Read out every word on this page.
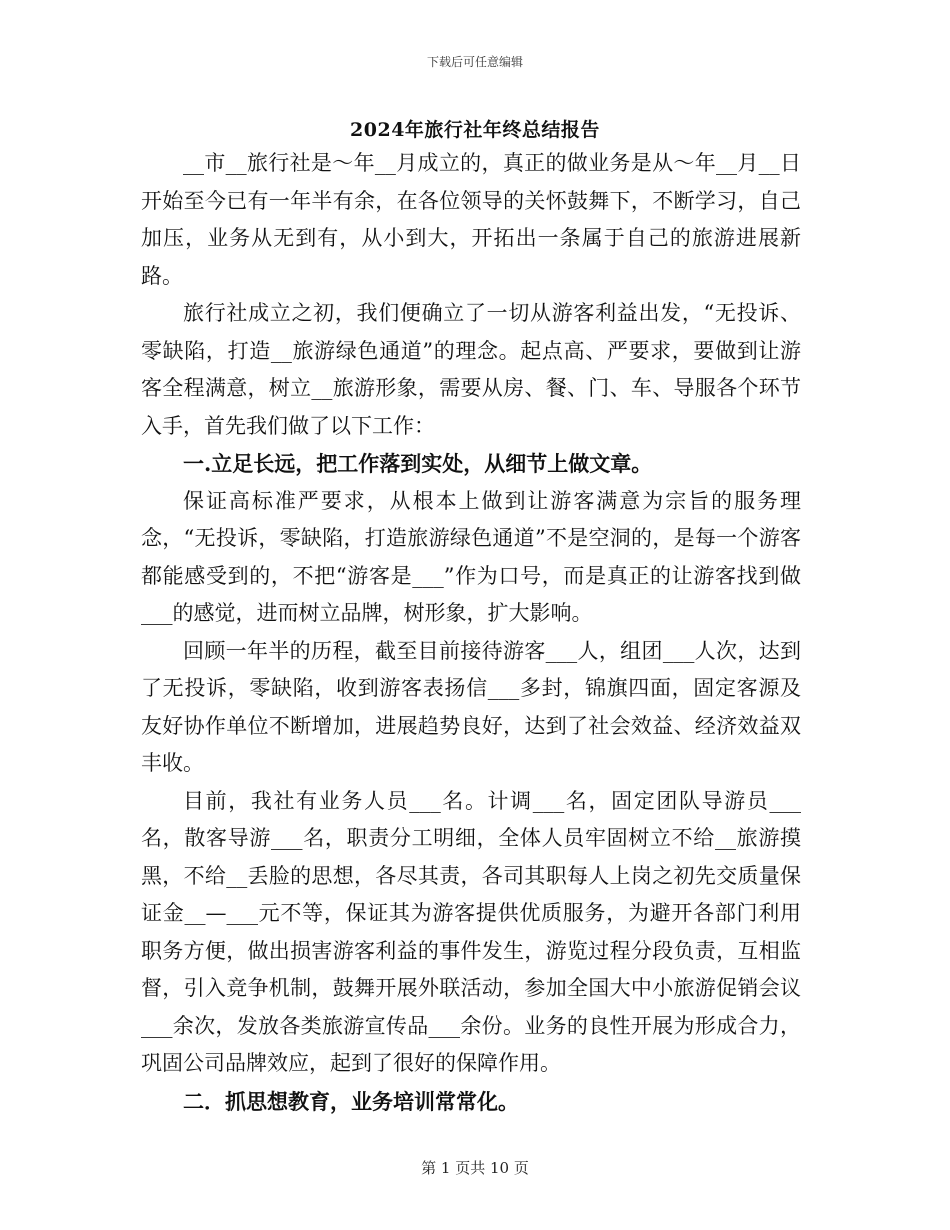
下载后可任意编辑
2024年旅行社年终总结报告

__市__旅行社是～年__月成立的，真正的做业务是从～年__月__日开始至今已有一年半有余，在各位领导的关怀鼓舞下，不断学习，自己加压，业务从无到有，从小到大，开拓出一条属于自己的旅游进展新路。

旅行社成立之初，我们便确立了一切从游客利益出发，“无投诉、零缺陷，打造__旅游绿色通道”的理念。起点高、严要求，要做到让游客全程满意，树立__旅游形象，需要从房、餐、门、车、导服各个环节入手，首先我们做了以下工作：

一.立足长远，把工作落到实处，从细节上做文章。

保证高标准严要求，从根本上做到让游客满意为宗旨的服务理念，“无投诉，零缺陷，打造旅游绿色通道”不是空洞的，是每一个游客都能感受到的，不把“游客是___”作为口号，而是真正的让游客找到做___的感觉，进而树立品牌，树形象，扩大影响。

回顾一年半的历程，截至目前接待游客___人，组团___人次，达到了无投诉，零缺陷，收到游客表扬信___多封，锦旗四面，固定客源及友好协作单位不断增加，进展趋势良好，达到了社会效益、经济效益双丰收。

目前，我社有业务人员___名。计调___名，固定团队导游员___名，散客导游___名，职责分工明细，全体人员牢固树立不给__旅游摸黑，不给__丢脸的思想，各尽其责，各司其职每人上岗之初先交质量保证金__—___元不等，保证其为游客提供优质服务，为避开各部门利用职务方便，做出损害游客利益的事件发生，游览过程分段负责，互相监督，引入竞争机制，鼓舞开展外联活动，参加全国大中小旅游促销会议___余次，发放各类旅游宣传品___余份。业务的良性开展为形成合力，巩固公司品牌效应，起到了很好的保障作用。

二．抓思想教育，业务培训常常化。

第 1 页共 10 页
